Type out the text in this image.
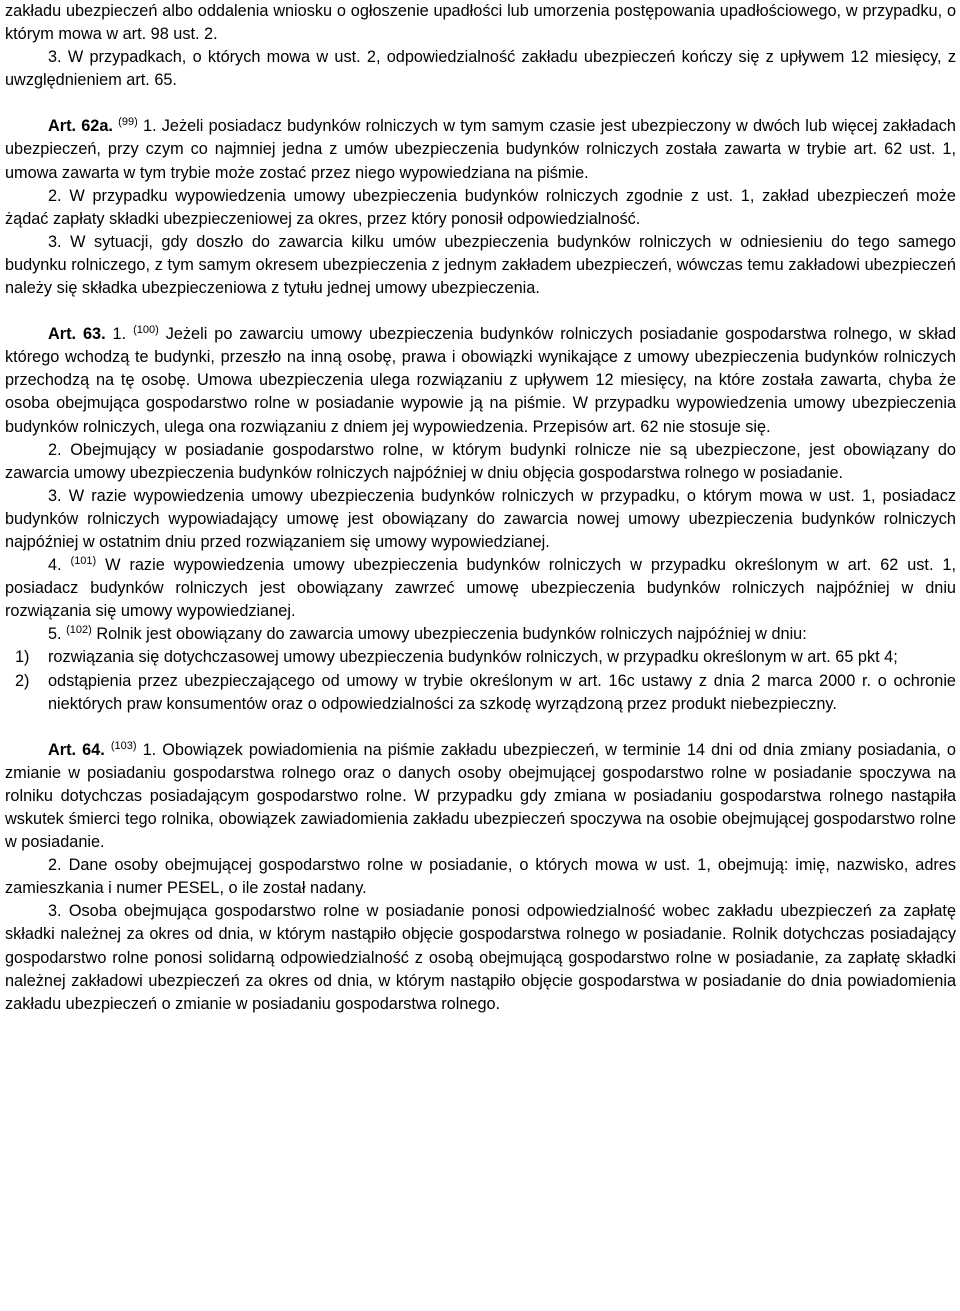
zakładu ubezpieczeń albo oddalenia wniosku o ogłoszenie upadłości lub umorzenia postępowania upadłościowego, w przypadku, o którym mowa w art. 98 ust. 2.

3. W przypadkach, o których mowa w ust. 2, odpowiedzialność zakładu ubezpieczeń kończy się z upływem 12 miesięcy, z uwzględnieniem art. 65.

Art. 62a. $^{(99)}$ 1. Jeżeli posiadacz budynków rolniczych w tym samym czasie jest ubezpieczony w dwóch lub więcej zakładach ubezpieczeń, przy czym co najmniej jedna z umów ubezpieczenia budynków rolniczych została zawarta w trybie art. 62 ust. 1, umowa zawarta w tym trybie może zostać przez niego wypowiedziana na piśmie.

2. W przypadku wypowiedzenia umowy ubezpieczenia budynków rolniczych zgodnie z ust. 1, zakład ubezpieczeń może żądać zapłaty składki ubezpieczeniowej za okres, przez który ponosił odpowiedzialność.

3. W sytuacji, gdy doszło do zawarcia kilku umów ubezpieczenia budynków rolniczych w odniesieniu do tego samego budynku rolniczego, z tym samym okresem ubezpieczenia z jednym zakładem ubezpieczeń, wówczas temu zakładowi ubezpieczeń należy się składka ubezpieczeniowa z tytułu jednej umowy ubezpieczenia.

Art. 63. 1. $^{(100)}$ Jeżeli po zawarciu umowy ubezpieczenia budynków rolniczych posiadanie gospodarstwa rolnego, w skład którego wchodzą te budynki, przeszło na inną osobę, prawa i obowiązki wynikające z umowy ubezpieczenia budynków rolniczych przechodzą na tę osobę. Umowa ubezpieczenia ulega rozwiązaniu z upływem 12 miesięcy, na które została zawarta, chyba że osoba obejmująca gospodarstwo rolne w posiadanie wypowie ją na piśmie. W przypadku wypowiedzenia umowy ubezpieczenia budynków rolniczych, ulega ona rozwiązaniu z dniem jej wypowiedzenia. Przepisów art. 62 nie stosuje się.

2. Obejmujący w posiadanie gospodarstwo rolne, w którym budynki rolnicze nie są ubezpieczone, jest obowiązany do zawarcia umowy ubezpieczenia budynków rolniczych najpóźniej w dniu objęcia gospodarstwa rolnego w posiadanie.

3. W razie wypowiedzenia umowy ubezpieczenia budynków rolniczych w przypadku, o którym mowa w ust. 1, posiadacz budynków rolniczych wypowiadający umowę jest obowiązany do zawarcia nowej umowy ubezpieczenia budynków rolniczych najpóźniej w ostatnim dniu przed rozwiązaniem się umowy wypowiedzianej.

4. $^{(101)}$ W razie wypowiedzenia umowy ubezpieczenia budynków rolniczych w przypadku określonym w art. 62 ust. 1, posiadacz budynków rolniczych jest obowiązany zawrzeć umowę ubezpieczenia budynków rolniczych najpóźniej w dniu rozwiązania się umowy wypowiedzianej.

5. $^{(102)}$ Rolnik jest obowiązany do zawarcia umowy ubezpieczenia budynków rolniczych najpóźniej w dniu:

1)	rozwiązania się dotychczasowej umowy ubezpieczenia budynków rolniczych, w przypadku określonym w art. 65 pkt 4;
2)	odstąpienia przez ubezpieczającego od umowy w trybie określonym w art. 16c ustawy z dnia 2 marca 2000 r. o ochronie niektórych praw konsumentów oraz o odpowiedzialności za szkodę wyrządzoną przez produkt niebezpieczny.

Art. 64. $^{(103)}$ 1. Obowiązek powiadomienia na piśmie zakładu ubezpieczeń, w terminie 14 dni od dnia zmiany posiadania, o zmianie w posiadaniu gospodarstwa rolnego oraz o danych osoby obejmującej gospodarstwo rolne w posiadanie spoczywa na rolniku dotychczas posiadającym gospodarstwo rolne. W przypadku gdy zmiana w posiadaniu gospodarstwa rolnego nastąpiła wskutek śmierci tego rolnika, obowiązek zawiadomienia zakładu ubezpieczeń spoczywa na osobie obejmującej gospodarstwo rolne w posiadanie.

2. Dane osoby obejmującej gospodarstwo rolne w posiadanie, o których mowa w ust. 1, obejmują: imię, nazwisko, adres zamieszkania i numer PESEL, o ile został nadany.

3. Osoba obejmująca gospodarstwo rolne w posiadanie ponosi odpowiedzialność wobec zakładu ubezpieczeń za zapłatę składki należnej za okres od dnia, w którym nastąpiło objęcie gospodarstwa rolnego w posiadanie. Rolnik dotychczas posiadający gospodarstwo rolne ponosi solidarną odpowiedzialność z osobą obejmującą gospodarstwo rolne w posiadanie, za zapłatę składki należnej zakładowi ubezpieczeń za okres od dnia, w którym nastąpiło objęcie gospodarstwa w posiadanie do dnia powiadomienia zakładu ubezpieczeń o zmianie w posiadaniu gospodarstwa rolnego.
